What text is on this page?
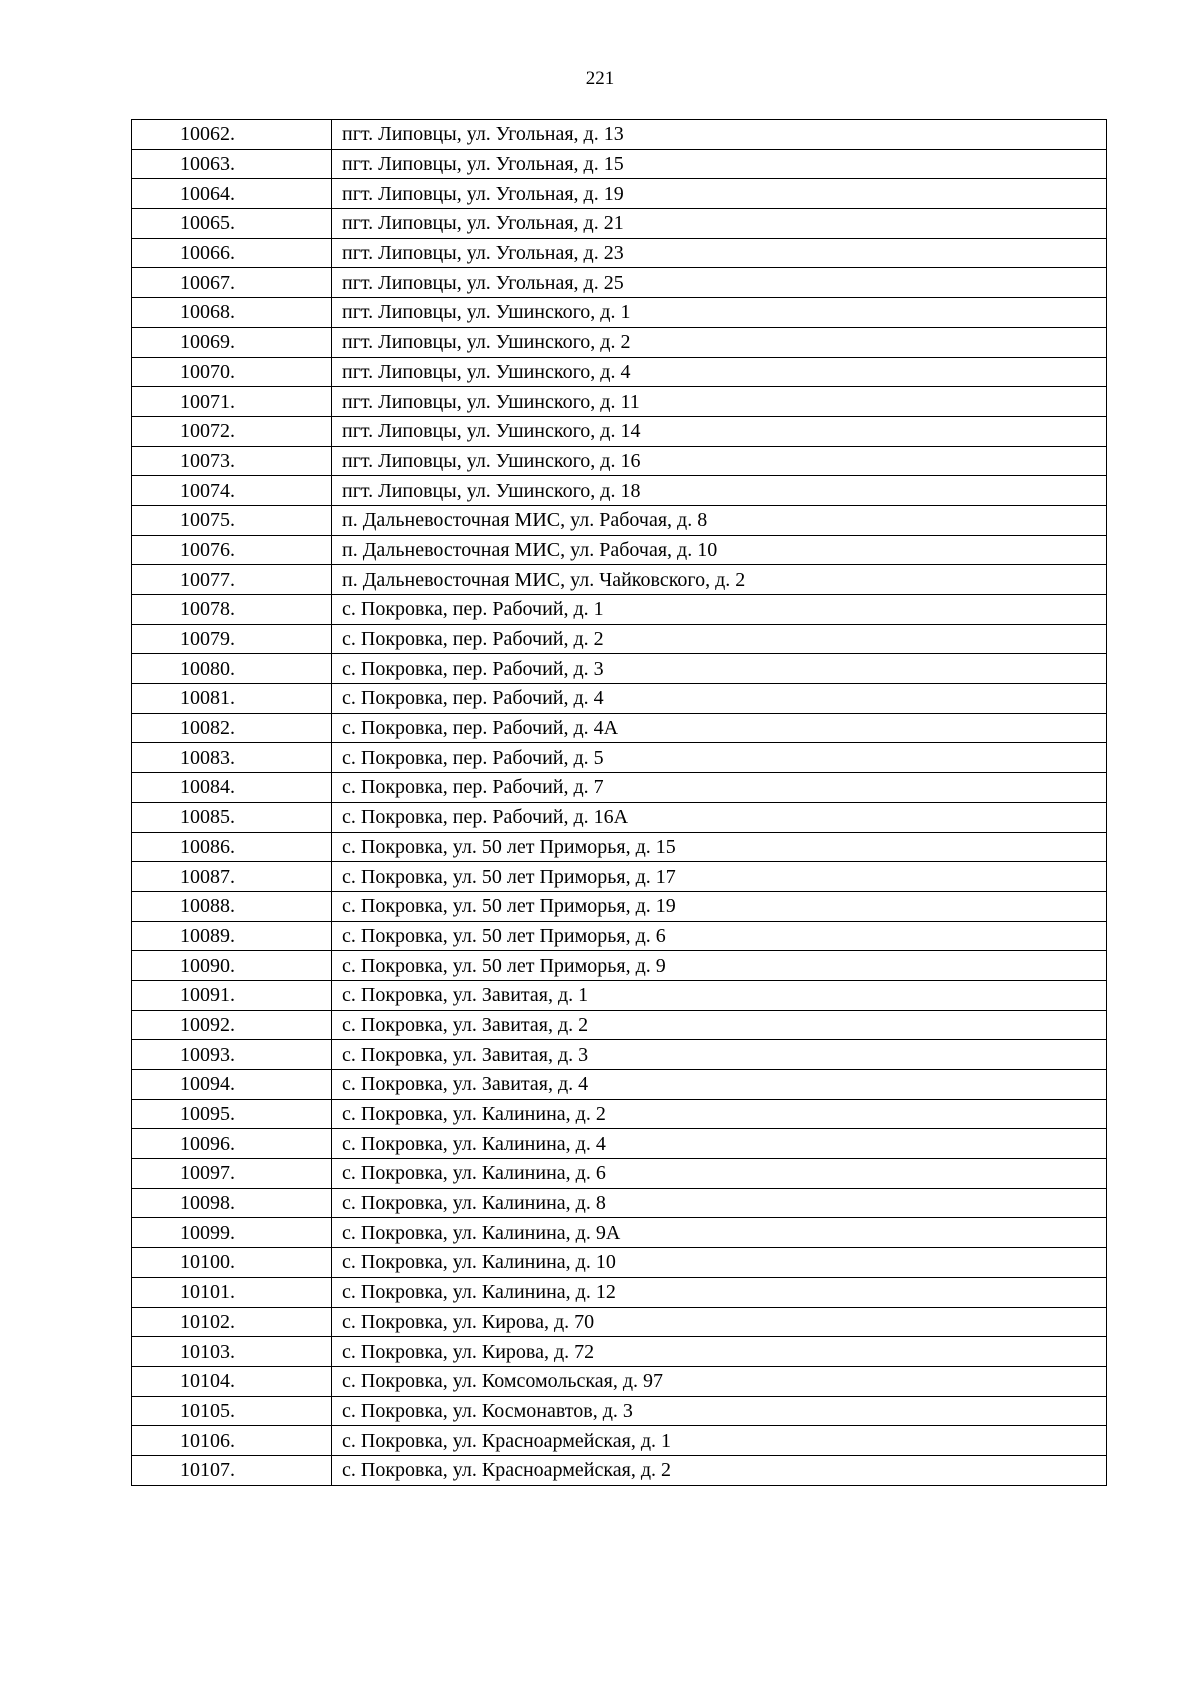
221
10062.	пгт. Липовцы, ул. Угольная, д. 13
10063.	пгт. Липовцы, ул. Угольная, д. 15
10064.	пгт. Липовцы, ул. Угольная, д. 19
10065.	пгт. Липовцы, ул. Угольная, д. 21
10066.	пгт. Липовцы, ул. Угольная, д. 23
10067.	пгт. Липовцы, ул. Угольная, д. 25
10068.	пгт. Липовцы, ул. Ушинского, д. 1
10069.	пгт. Липовцы, ул. Ушинского, д. 2
10070.	пгт. Липовцы, ул. Ушинского, д. 4
10071.	пгт. Липовцы, ул. Ушинского, д. 11
10072.	пгт. Липовцы, ул. Ушинского, д. 14
10073.	пгт. Липовцы, ул. Ушинского, д. 16
10074.	пгт. Липовцы, ул. Ушинского, д. 18
10075.	п. Дальневосточная МИС, ул. Рабочая, д. 8
10076.	п. Дальневосточная МИС, ул. Рабочая, д. 10
10077.	п. Дальневосточная МИС, ул. Чайковского, д. 2
10078.	с. Покровка, пер. Рабочий, д. 1
10079.	с. Покровка, пер. Рабочий, д. 2
10080.	с. Покровка, пер. Рабочий, д. 3
10081.	с. Покровка, пер. Рабочий, д. 4
10082.	с. Покровка, пер. Рабочий, д. 4А
10083.	с. Покровка, пер. Рабочий, д. 5
10084.	с. Покровка, пер. Рабочий, д. 7
10085.	с. Покровка, пер. Рабочий, д. 16А
10086.	с. Покровка, ул. 50 лет Приморья, д. 15
10087.	с. Покровка, ул. 50 лет Приморья, д. 17
10088.	с. Покровка, ул. 50 лет Приморья, д. 19
10089.	с. Покровка, ул. 50 лет Приморья, д. 6
10090.	с. Покровка, ул. 50 лет Приморья, д. 9
10091.	с. Покровка, ул. Завитая, д. 1
10092.	с. Покровка, ул. Завитая, д. 2
10093.	с. Покровка, ул. Завитая, д. 3
10094.	с. Покровка, ул. Завитая, д. 4
10095.	с. Покровка, ул. Калинина, д. 2
10096.	с. Покровка, ул. Калинина, д. 4
10097.	с. Покровка, ул. Калинина, д. 6
10098.	с. Покровка, ул. Калинина, д. 8
10099.	с. Покровка, ул. Калинина, д. 9А
10100.	с. Покровка, ул. Калинина, д. 10
10101.	с. Покровка, ул. Калинина, д. 12
10102.	с. Покровка, ул. Кирова, д. 70
10103.	с. Покровка, ул. Кирова, д. 72
10104.	с. Покровка, ул. Комсомольская, д. 97
10105.	с. Покровка, ул. Космонавтов, д. 3
10106.	с. Покровка, ул. Красноармейская, д. 1
10107.	с. Покровка, ул. Красноармейская, д. 2
